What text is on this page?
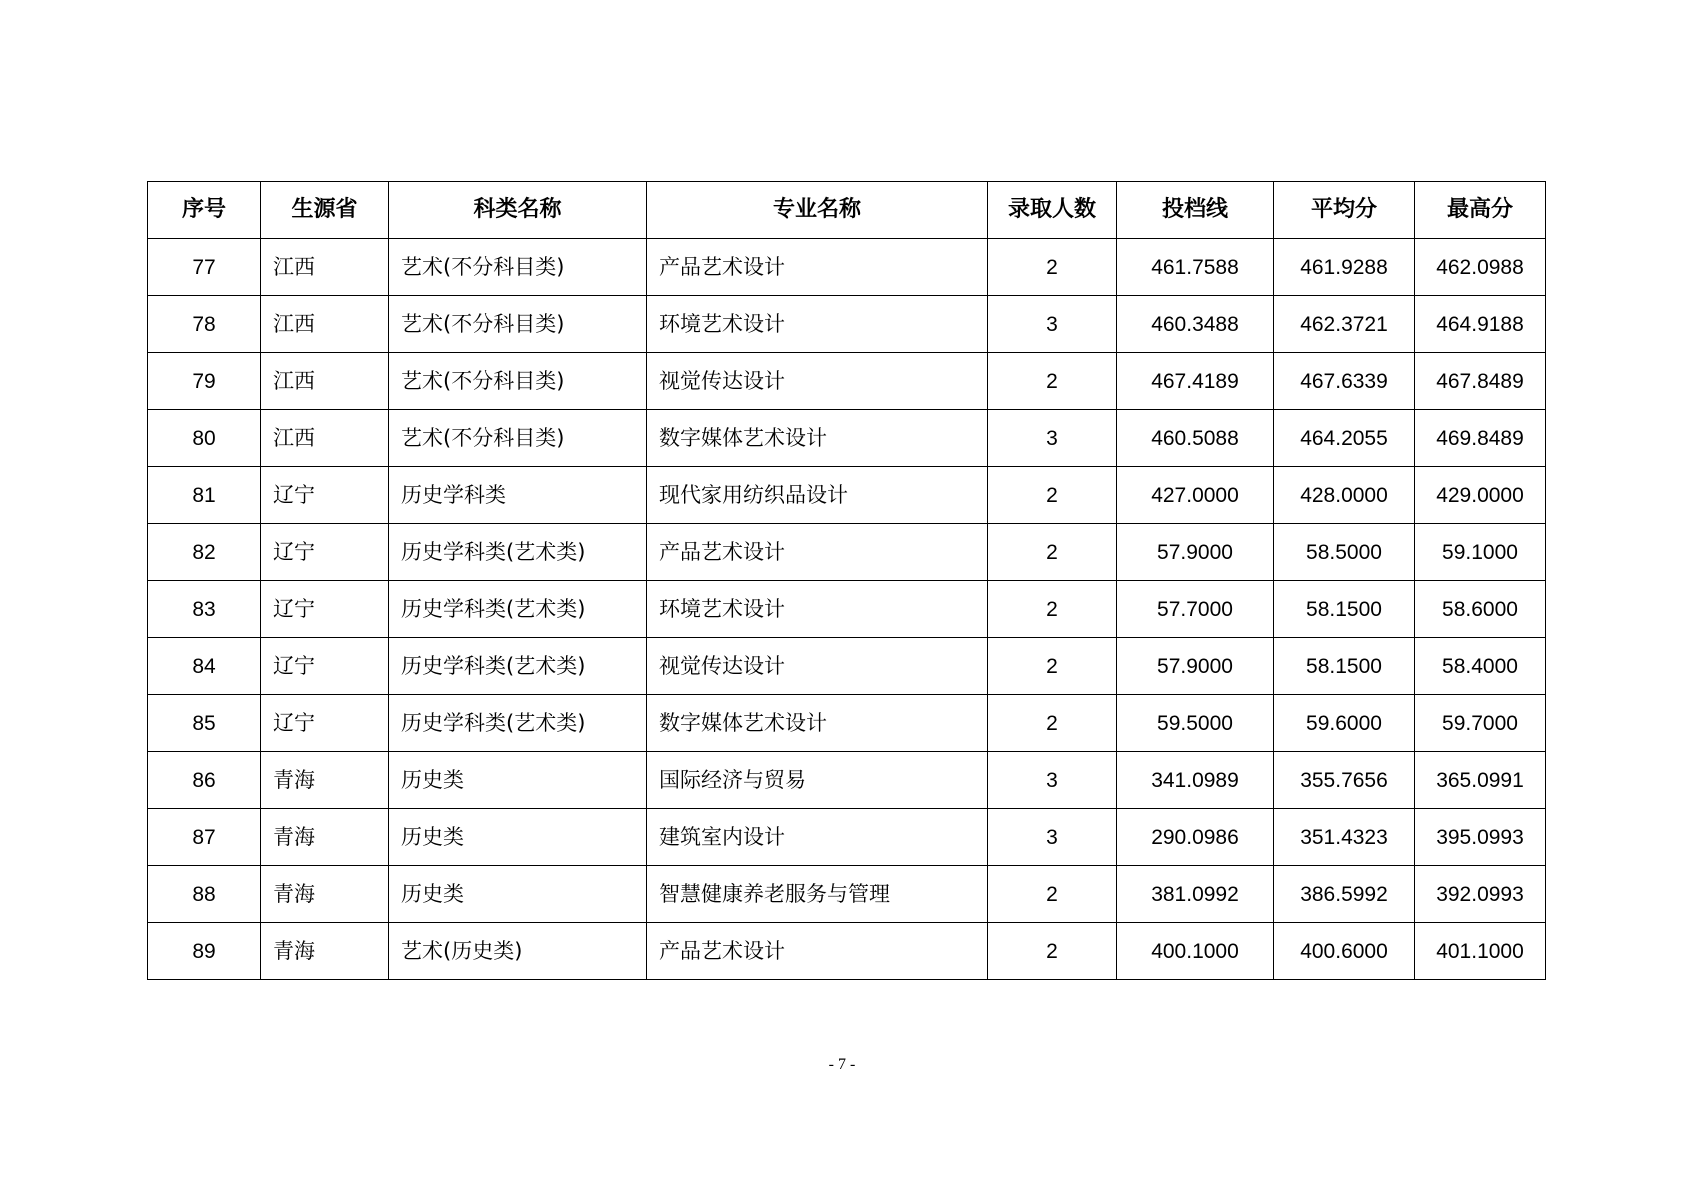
序号	生源省	科类名称	专业名称	录取人数	投档线	平均分	最高分
77	江西	艺术(不分科目类)	产品艺术设计	2	461.7588	461.9288	462.0988
78	江西	艺术(不分科目类)	环境艺术设计	3	460.3488	462.3721	464.9188
79	江西	艺术(不分科目类)	视觉传达设计	2	467.4189	467.6339	467.8489
80	江西	艺术(不分科目类)	数字媒体艺术设计	3	460.5088	464.2055	469.8489
81	辽宁	历史学科类	现代家用纺织品设计	2	427.0000	428.0000	429.0000
82	辽宁	历史学科类(艺术类)	产品艺术设计	2	57.9000	58.5000	59.1000
83	辽宁	历史学科类(艺术类)	环境艺术设计	2	57.7000	58.1500	58.6000
84	辽宁	历史学科类(艺术类)	视觉传达设计	2	57.9000	58.1500	58.4000
85	辽宁	历史学科类(艺术类)	数字媒体艺术设计	2	59.5000	59.6000	59.7000
86	青海	历史类	国际经济与贸易	3	341.0989	355.7656	365.0991
87	青海	历史类	建筑室内设计	3	290.0986	351.4323	395.0993
88	青海	历史类	智慧健康养老服务与管理	2	381.0992	386.5992	392.0993
89	青海	艺术(历史类)	产品艺术设计	2	400.1000	400.6000	401.1000
- 7 -
